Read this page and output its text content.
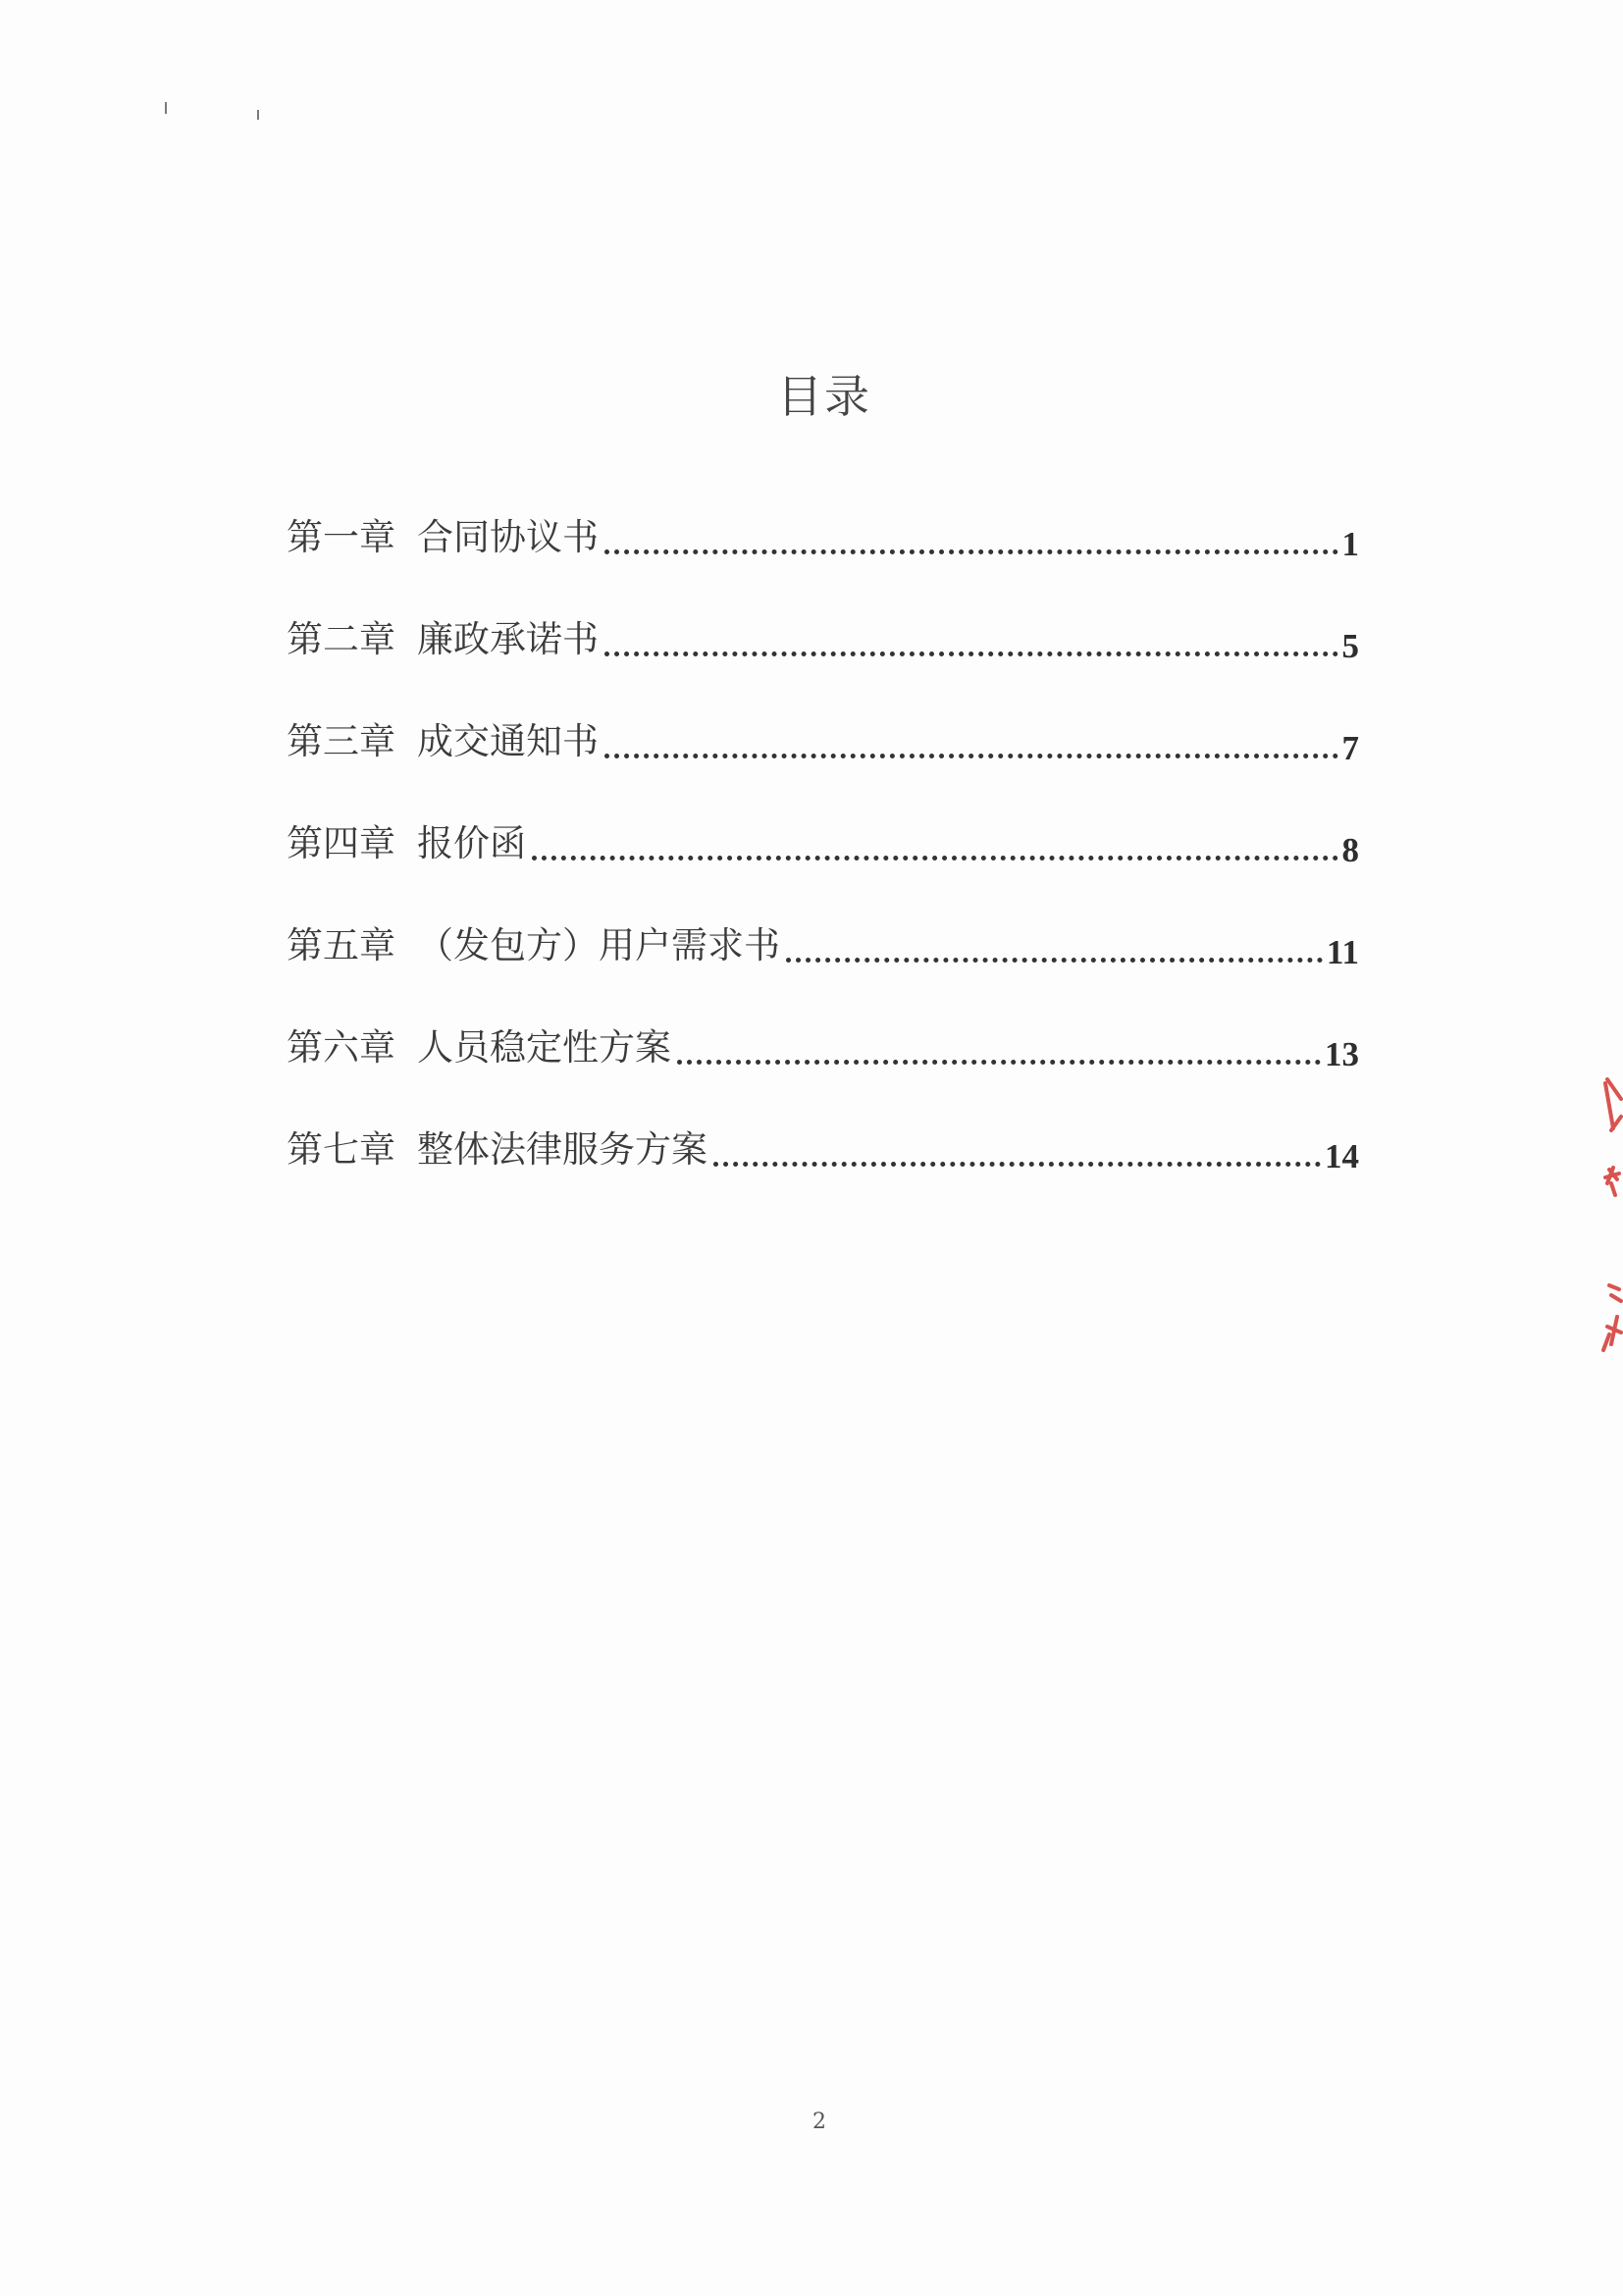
目录
第一章 合同协议书	1
第二章 廉政承诺书	5
第三章 成交通知书	7
第四章 报价函	8
第五章 （发包方）用户需求书	11
第六章 人员稳定性方案	13
第七章 整体法律服务方案	14
2
